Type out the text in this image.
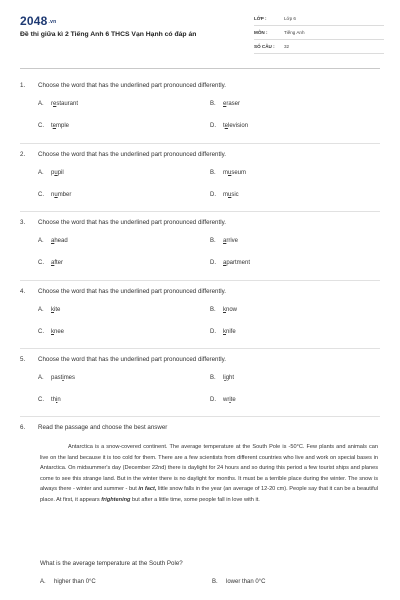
2048.vn
Đề thi giữa kì 2 Tiếng Anh 6 THCS Vạn Hạnh có đáp án
LỚP :	Lớp 6
MÔN :	Tiếng Anh
SỐ CÂU :	32
1.	Choose the word that has the underlined part pronounced differently.
A.	r e staurant	B.	e raser
C.	t e mple	D.	t e levision
2.	Choose the word that has the underlined part pronounced differently.
A.	p u pil	B.	m u seum
C.	n u mber	D.	m u sic
3.	Choose the word that has the underlined part pronounced differently.
A.	a head	B.	a rrive
C.	a fter	D.	a partment
4.	Choose the word that has the underlined part pronounced differently.
A.	k ite	B.	k now
C.	k nee	D.	k nife
5.	Choose the word that has the underlined part pronounced differently.
A.	past i mes	B.	l i ght
C.	th i n	D.	wr i te
6.	Read the passage and choose the best answer
Antarctica is a snow-covered continent. The average temperature at the South Pole is -50°C. Few plants and animals can live on the land because it is too cold for them. There are a few scientists from different countries who live and work on special bases in Antarctica. On midsummer's day (December 22nd) there is daylight for 24 hours and so during this period a few tourist ships and planes come to see this strange land. But in the winter there is no daylight for months. It must be a terrible place during the winter. The snow is always there - winter and summer - but in fact, little snow falls in the year (an average of 12-20 cm). People say that it can be a beautiful place. At first, it appears frightening but after a little time, some people fall in love with it.
What is the average temperature at the South Pole?
A.	higher than 0°C	B.	lower than 0°C
